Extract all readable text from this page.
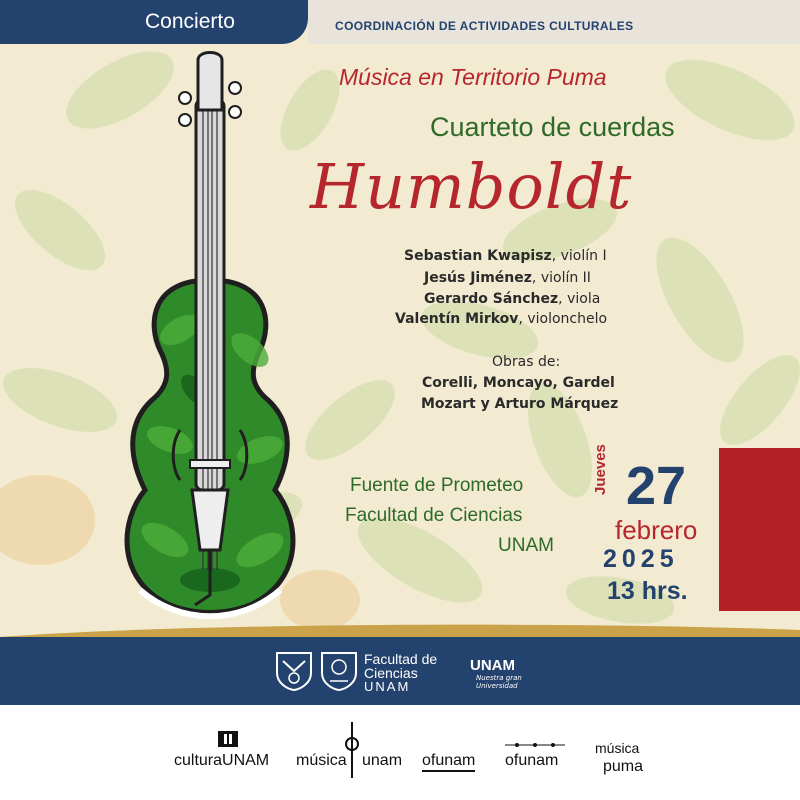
Concierto	COORDINACIÓN DE ACTIVIDADES CULTURALES
Música en Territorio Puma
Cuarteto de cuerdas
Humboldt
Sebastian Kwapisz, violín I
Jesús Jiménez, violín II
Gerardo Sánchez, viola
Valentín Mirkov, violonchelo
Obras de:
Corelli, Moncayo, Gardel
Mozart y Arturo Márquez
Fuente de Prometeo
Facultad de Ciencias
UNAM
Jueves 27
febrero
2025
13 hrs.
Facultad de
Ciencias
UNAM
UNAM
Nuestra gran
Universidad
culturaUNAM música unam ofunam ofunam
música
puma
